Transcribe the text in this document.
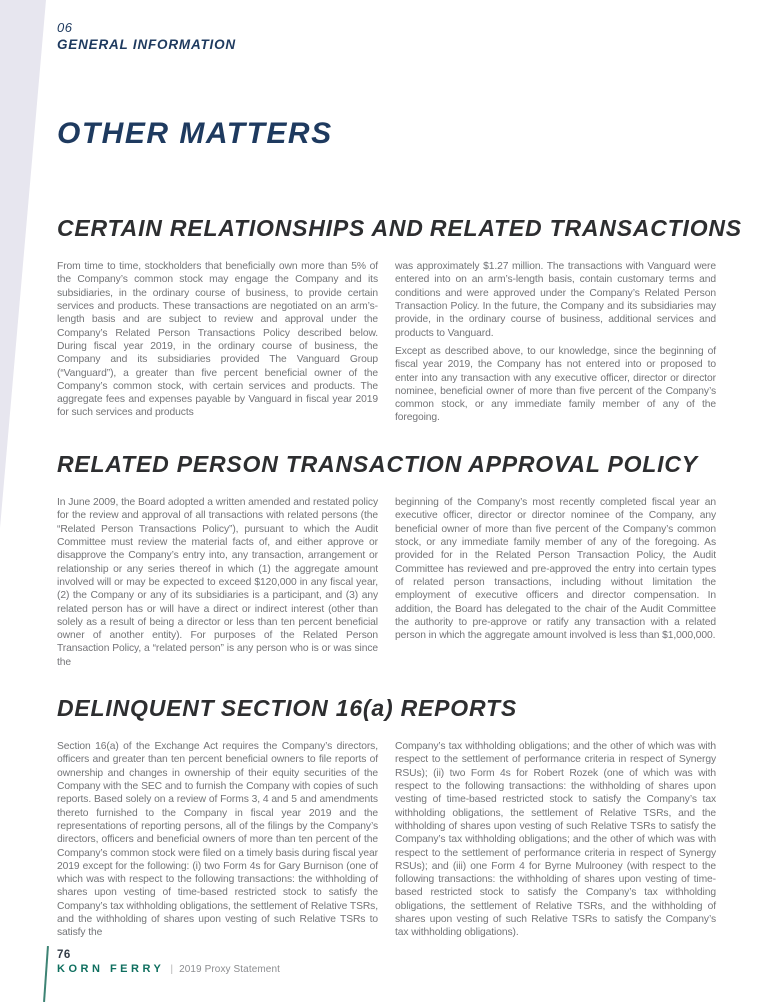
06
GENERAL INFORMATION
OTHER MATTERS
CERTAIN RELATIONSHIPS AND RELATED TRANSACTIONS

From time to time, stockholders that beneficially own more than 5% of the Company’s common stock may engage the Company and its subsidiaries, in the ordinary course of business, to provide certain services and products. These transactions are negotiated on an arm’s-length basis and are subject to review and approval under the Company’s Related Person Transactions Policy described below. During fiscal year 2019, in the ordinary course of business, the Company and its subsidiaries provided The Vanguard Group (“Vanguard”), a greater than five percent beneficial owner of the Company’s common stock, with certain services and products. The aggregate fees and expenses payable by Vanguard in fiscal year 2019 for such services and products

was approximately $1.27 million. The transactions with Vanguard were entered into on an arm’s-length basis, contain customary terms and conditions and were approved under the Company’s Related Person Transaction Policy. In the future, the Company and its subsidiaries may provide, in the ordinary course of business, additional services and products to Vanguard.

Except as described above, to our knowledge, since the beginning of fiscal year 2019, the Company has not entered into or proposed to enter into any transaction with any executive officer, director or director nominee, beneficial owner of more than five percent of the Company’s common stock, or any immediate family member of any of the foregoing.

RELATED PERSON TRANSACTION APPROVAL POLICY

In June 2009, the Board adopted a written amended and restated policy for the review and approval of all transactions with related persons (the “Related Person Transactions Policy”), pursuant to which the Audit Committee must review the material facts of, and either approve or disapprove the Company’s entry into, any transaction, arrangement or relationship or any series thereof in which (1) the aggregate amount involved will or may be expected to exceed $120,000 in any fiscal year, (2) the Company or any of its subsidiaries is a participant, and (3) any related person has or will have a direct or indirect interest (other than solely as a result of being a director or less than ten percent beneficial owner of another entity). For purposes of the Related Person Transaction Policy, a “related person” is any person who is or was since the

beginning of the Company’s most recently completed fiscal year an executive officer, director or director nominee of the Company, any beneficial owner of more than five percent of the Company’s common stock, or any immediate family member of any of the foregoing. As provided for in the Related Person Transaction Policy, the Audit Committee has reviewed and pre-approved the entry into certain types of related person transactions, including without limitation the employment of executive officers and director compensation. In addition, the Board has delegated to the chair of the Audit Committee the authority to pre-approve or ratify any transaction with a related person in which the aggregate amount involved is less than $1,000,000.

DELINQUENT SECTION 16(a) REPORTS

Section 16(a) of the Exchange Act requires the Company’s directors, officers and greater than ten percent beneficial owners to file reports of ownership and changes in ownership of their equity securities of the Company with the SEC and to furnish the Company with copies of such reports. Based solely on a review of Forms 3, 4 and 5 and amendments thereto furnished to the Company in fiscal year 2019 and the representations of reporting persons, all of the filings by the Company’s directors, officers and beneficial owners of more than ten percent of the Company’s common stock were filed on a timely basis during fiscal year 2019 except for the following: (i) two Form 4s for Gary Burnison (one of which was with respect to the following transactions: the withholding of shares upon vesting of time-based restricted stock to satisfy the Company’s tax withholding obligations, the settlement of Relative TSRs, and the withholding of shares upon vesting of such Relative TSRs to satisfy the

Company’s tax withholding obligations; and the other of which was with respect to the settlement of performance criteria in respect of Synergy RSUs); (ii) two Form 4s for Robert Rozek (one of which was with respect to the following transactions: the withholding of shares upon vesting of time-based restricted stock to satisfy the Company’s tax withholding obligations, the settlement of Relative TSRs, and the withholding of shares upon vesting of such Relative TSRs to satisfy the Company’s tax withholding obligations; and the other of which was with respect to the settlement of performance criteria in respect of Synergy RSUs); and (iii) one Form 4 for Byrne Mulrooney (with respect to the following transactions: the withholding of shares upon vesting of time-based restricted stock to satisfy the Company’s tax withholding obligations, the settlement of Relative TSRs, and the withholding of shares upon vesting of such Relative TSRs to satisfy the Company’s tax withholding obligations).

76
KORN FERRY | 2019 Proxy Statement
